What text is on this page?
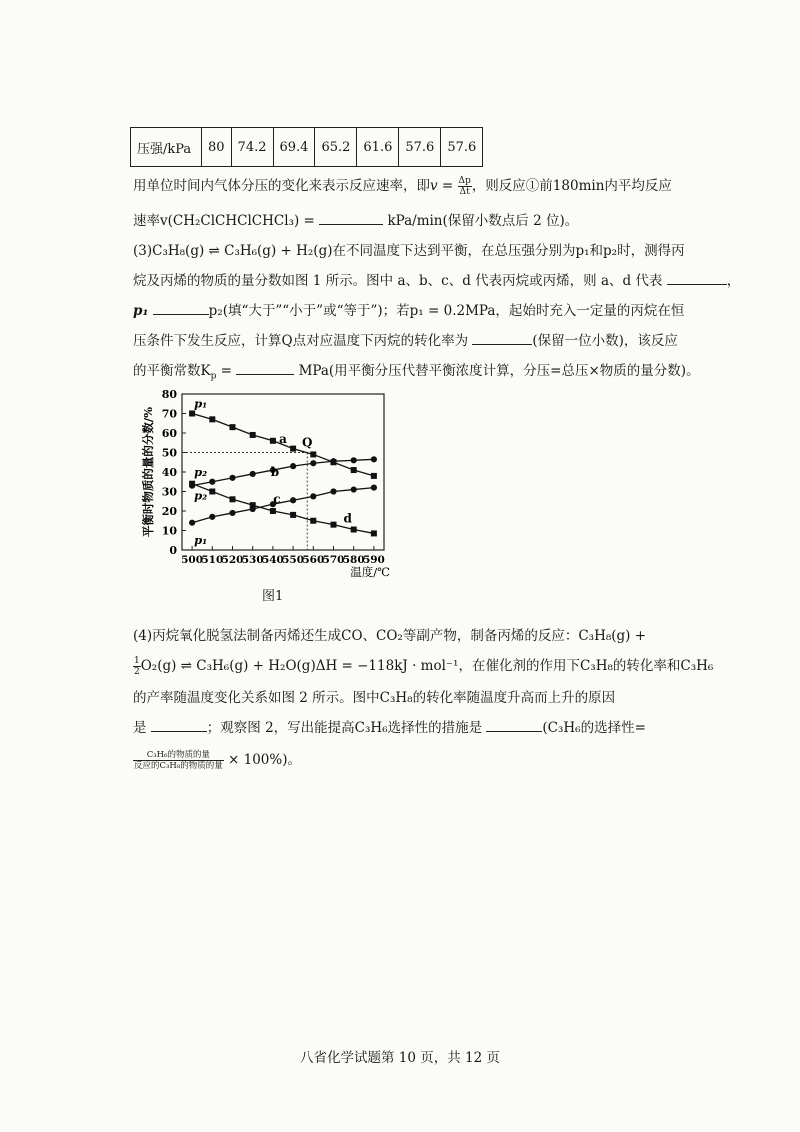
压强/kPa	80	74.2	69.4	65.2	61.6	57.6	57.6
用单位时间内气体分压的变化来表示反应速率，即$v = \frac{\Delta p}{\Delta t}$ ，则反应①前180min内平均反应
速率v(CH₂ClCHClCHCl₃) =	kPa/min(保留小数点后 2 位)。
(3)C₃H₈(g) ⇌ C₃H₆(g) + H₂(g)在不同温度下达到平衡，在总压强分别为p₁和p₂时，测得丙
烷及丙烯的物质的量分数如图 1 所示。图中 a、b、c、d 代表丙烷或丙烯，则 a、d 代表	，
p₁	p₂(填“大于”“小于”或“等于”)；若p₁ = 0.2MPa，起始时充入一定量的丙烷在恒
压条件下发生反应，计算Q点对应温度下丙烷的转化率为	(保留一位小数)，该反应
的平衡常数$K_p$ =	MPa(用平衡分压代替平衡浓度计算，分压=总压×物质的量分数)。
0
10
20
30
40
50
60
70
80
500
510
520
530
540
550
560
570
580
590
平衡时物质的量的分数/%
温度/℃
a
b
c
d
Q
p₁
p₂
p₂
p₁
图1
(4)丙烷氧化脱氢法制备丙烯还生成CO、CO₂等副产物，制备丙烯的反应：C₃H₈(g) +
$\frac{1}{2} O_2(g)$ ⇌ C₃H₆(g) + H₂O(g)ΔH = −118kJ · mol⁻¹，在催化剂的作用下C₃H₈的转化率和C₃H₆
的产率随温度变化关系如图 2 所示。图中C₃H₈的转化率随温度升高而上升的原因
是	；观察图 2，写出能提高C₃H₆选择性的措施是	(C₃H₆的选择性=
$\frac{\text{C₃H₆的物质的量}}{\text{反应的C₃H₈的物质的量}} \times 100\%$)。
八省化学试题第 10 页，共 12 页
